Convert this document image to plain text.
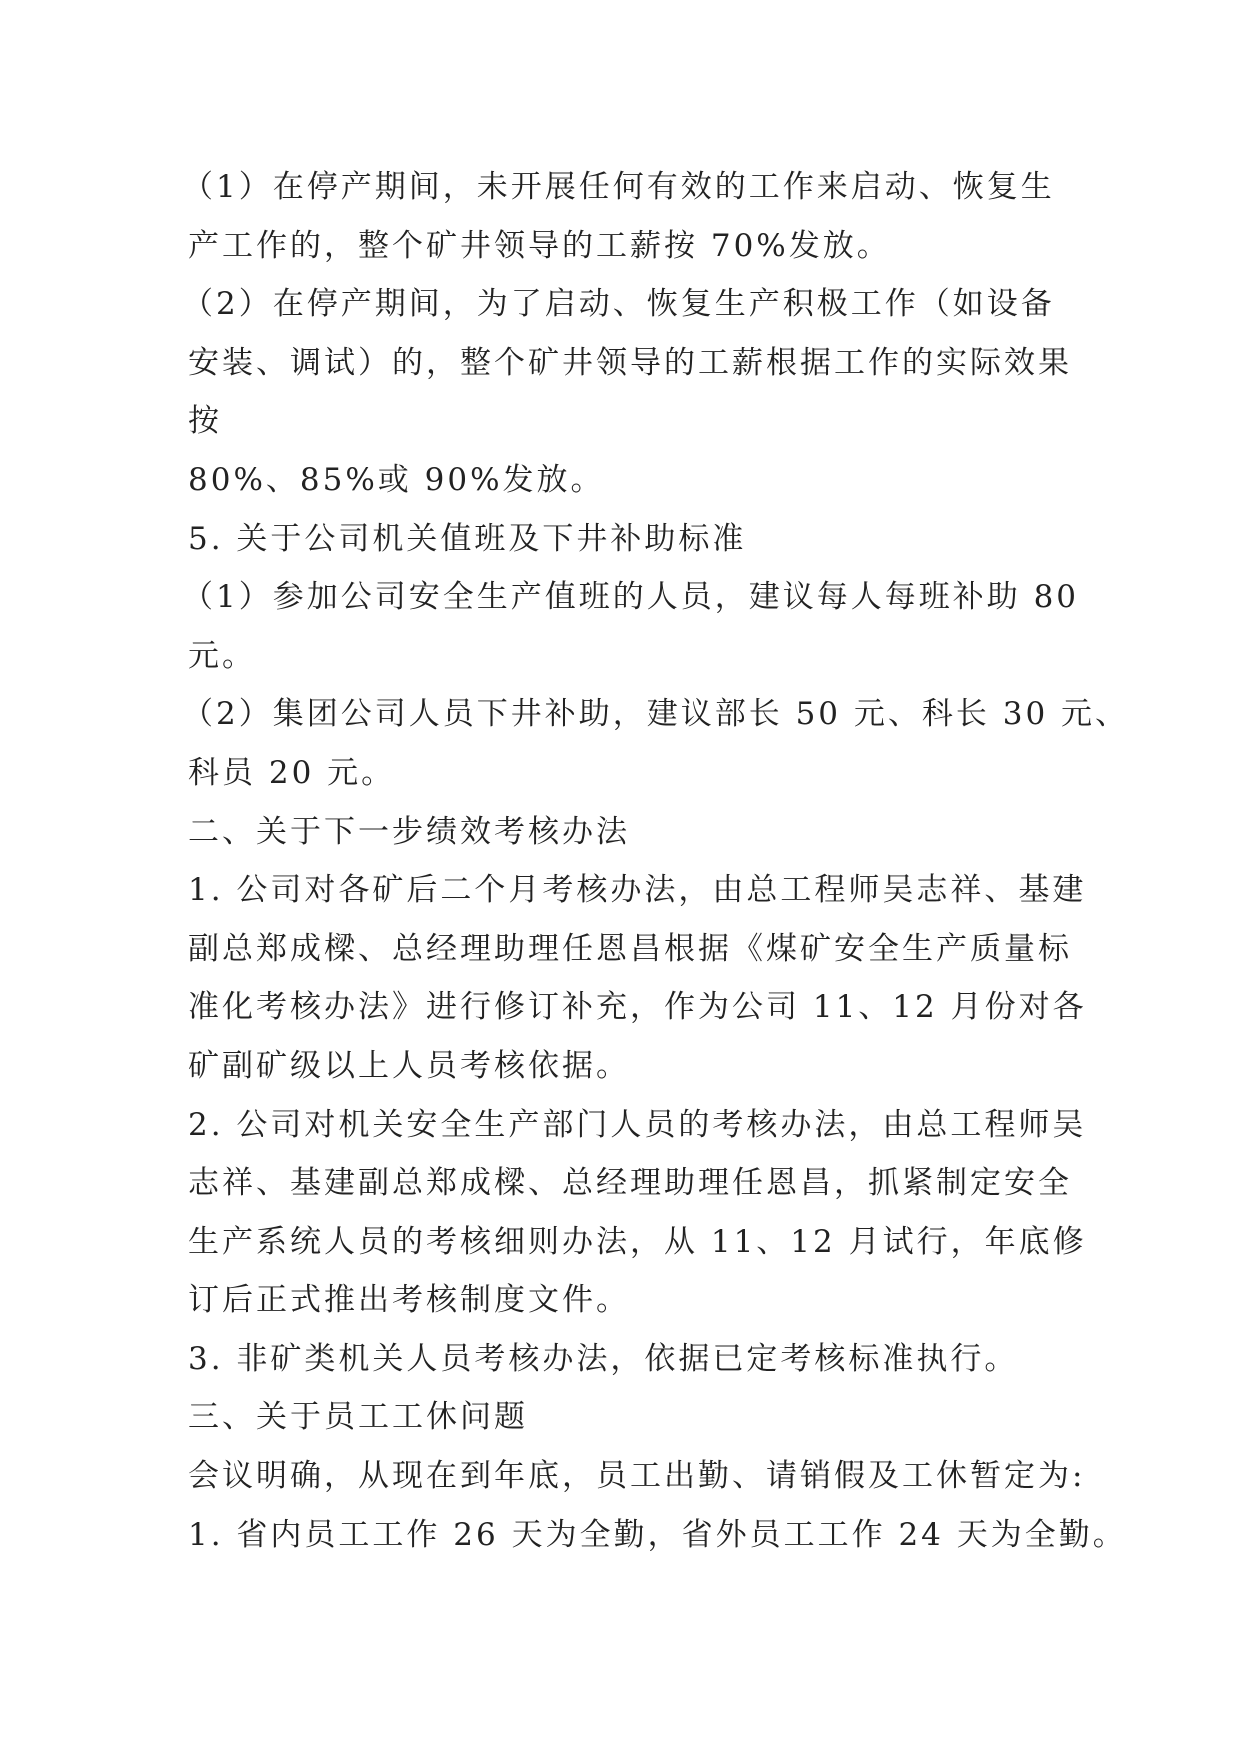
（1）在停产期间，未开展任何有效的工作来启动、恢复生
产工作的，整个矿井领导的工薪按 70%发放。
（2）在停产期间，为了启动、恢复生产积极工作（如设备
安装、调试）的，整个矿井领导的工薪根据工作的实际效果
按
80%、85%或 90%发放。
5. 关于公司机关值班及下井补助标准
（1）参加公司安全生产值班的人员，建议每人每班补助 80
元。
（2）集团公司人员下井补助，建议部长 50 元、科长 30 元、
科员 20 元。
二、关于下一步绩效考核办法
1. 公司对各矿后二个月考核办法，由总工程师吴志祥、基建
副总郑成樑、总经理助理任恩昌根据《煤矿安全生产质量标
准化考核办法》进行修订补充，作为公司 11、12 月份对各
矿副矿级以上人员考核依据。
2. 公司对机关安全生产部门人员的考核办法，由总工程师吴
志祥、基建副总郑成樑、总经理助理任恩昌，抓紧制定安全
生产系统人员的考核细则办法，从 11、12 月试行，年底修
订后正式推出考核制度文件。
3. 非矿类机关人员考核办法，依据已定考核标准执行。
三、关于员工工休问题
会议明确，从现在到年底，员工出勤、请销假及工休暂定为:
1. 省内员工工作 26 天为全勤，省外员工工作 24 天为全勤。
